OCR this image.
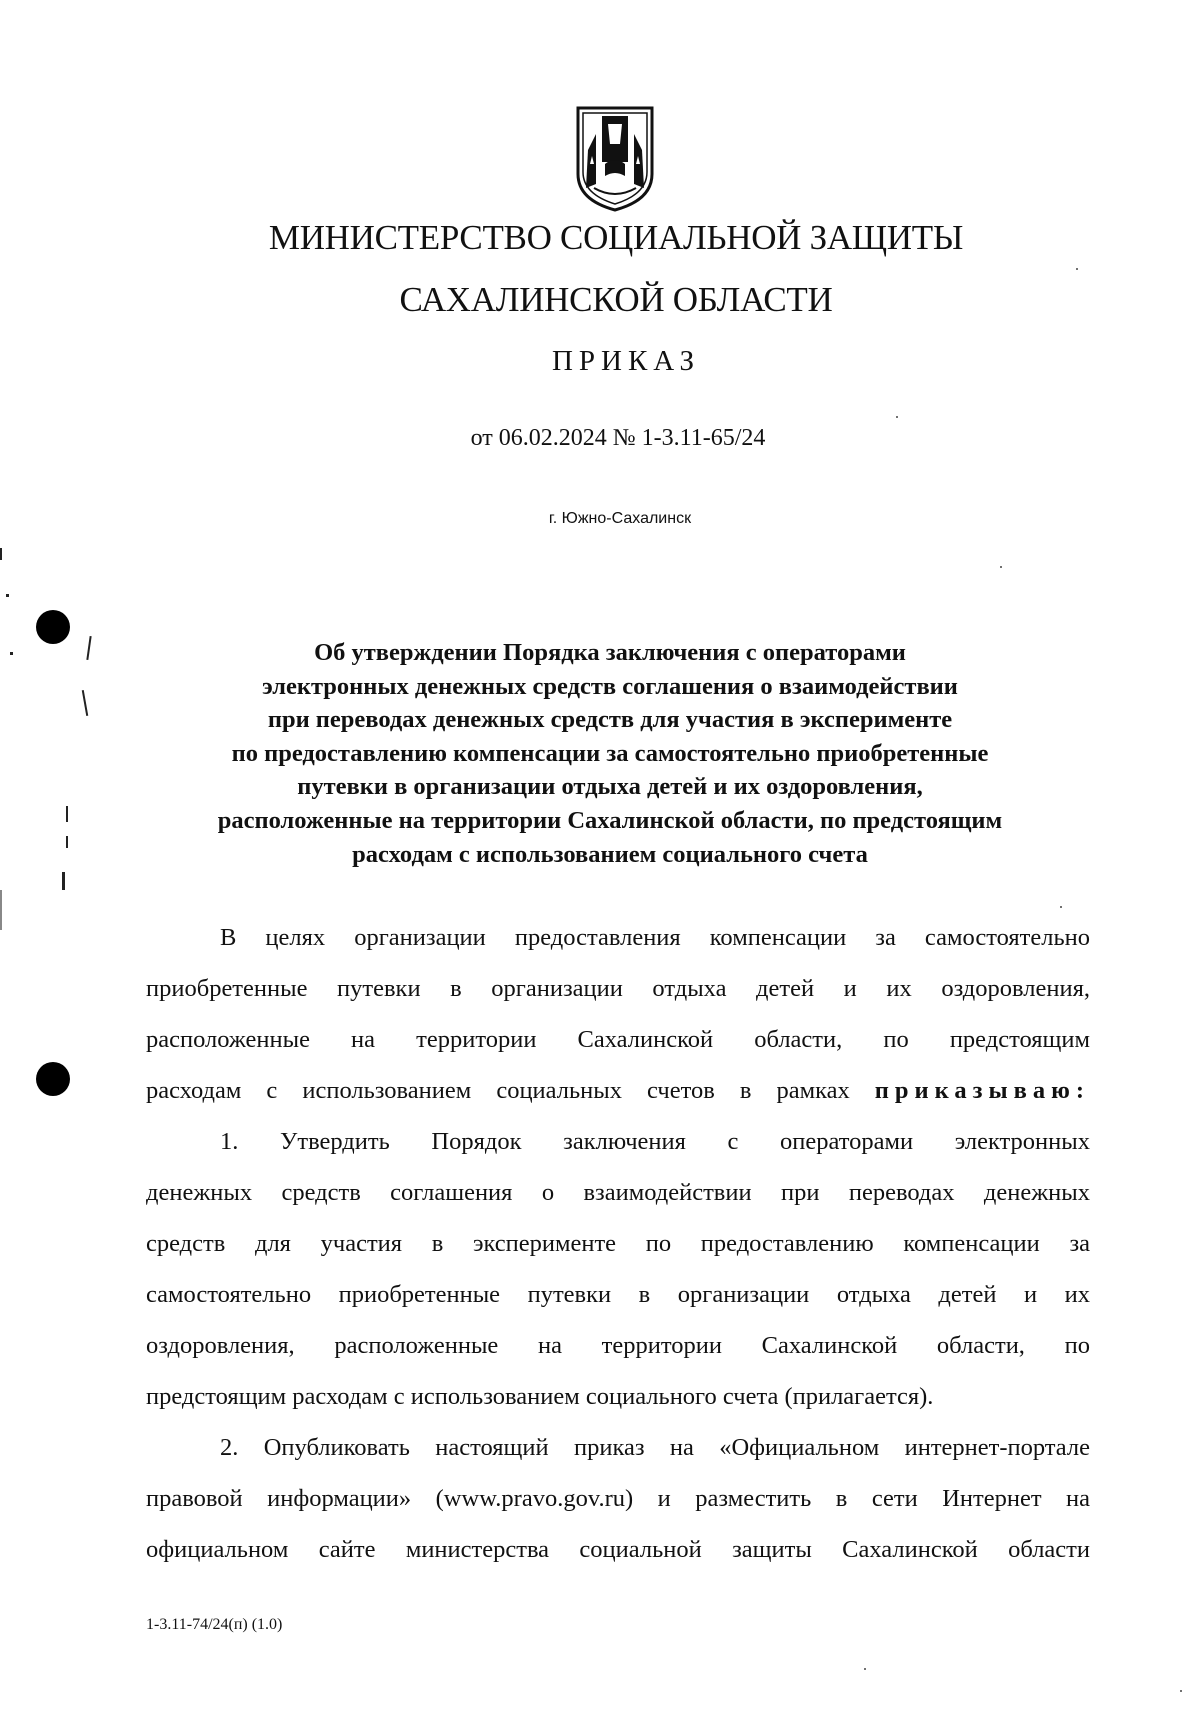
МИНИСТЕРСТВО СОЦИАЛЬНОЙ ЗАЩИТЫ
САХАЛИНСКОЙ ОБЛАСТИ
ПРИКАЗ
от 06.02.2024 № 1-3.11-65/24
г. Южно-Сахалинск
Об утверждении Порядка заключения с операторами
электронных денежных средств соглашения о взаимодействии
при переводах денежных средств для участия в эксперименте
по предоставлению компенсации за самостоятельно приобретенные
путевки в организации отдыха детей и их оздоровления,
расположенные на территории Сахалинской области, по предстоящим
расходам с использованием социального счета
В целях организации предоставления компенсации за самостоятельно
приобретенные путевки в организации отдыха детей и их оздоровления,
расположенные на территории Сахалинской области, по предстоящим
расходам с использованием социальных счетов в рамках приказываю:
1. Утвердить Порядок заключения с операторами электронных
денежных средств соглашения о взаимодействии при переводах денежных
средств для участия в эксперименте по предоставлению компенсации за
самостоятельно приобретенные путевки в организации отдыха детей и их
оздоровления, расположенные на территории Сахалинской области, по
предстоящим расходам с использованием социального счета (прилагается).
2. Опубликовать настоящий приказ на «Официальном интернет-портале
правовой информации» (www.pravo.gov.ru) и разместить в сети Интернет на
официальном сайте министерства социальной защиты Сахалинской области
1-3.11-74/24(п) (1.0)
